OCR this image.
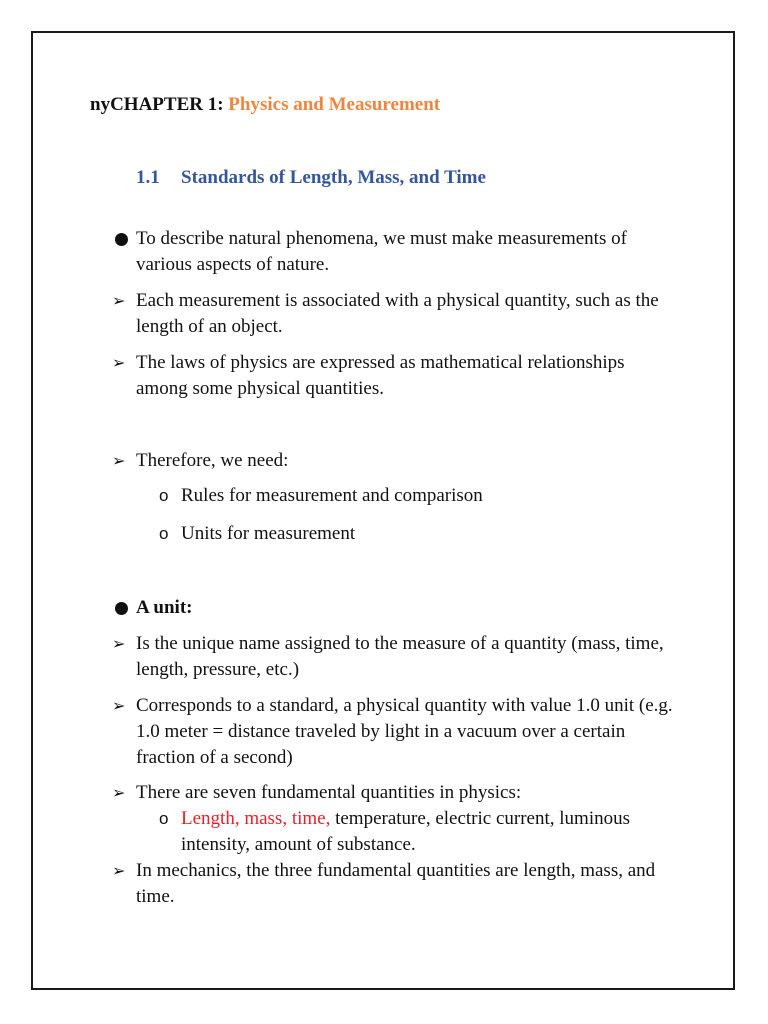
nyCHAPTER 1: Physics and Measurement
1.1 Standards of Length, Mass, and Time
To describe natural phenomena, we must make measurements of various aspects of nature.
➢ Each measurement is associated with a physical quantity, such as the length of an object.
➢ The laws of physics are expressed as mathematical relationships among some physical quantities.
➢ Therefore, we need:
o Rules for measurement and comparison
o Units for measurement
A unit:
➢ Is the unique name assigned to the measure of a quantity (mass, time, length, pressure, etc.)
➢ Corresponds to a standard, a physical quantity with value 1.0 unit (e.g. 1.0 meter = distance traveled by light in a vacuum over a certain fraction of a second)
➢ There are seven fundamental quantities in physics:
o Length, mass, time, temperature, electric current, luminous intensity, amount of substance.
➢ In mechanics, the three fundamental quantities are length, mass, and time.
